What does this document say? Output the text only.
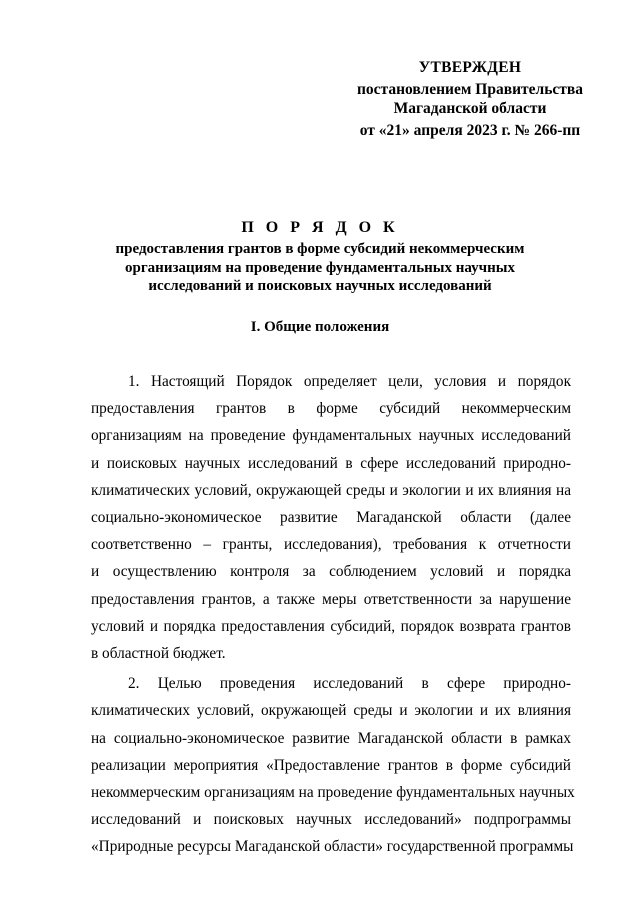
УТВЕРЖДЕН
постановлением Правительства
Магаданской области
от «21» апреля 2023 г. № 266-пп
П О Р Я Д О К
предоставления грантов в форме субсидий некоммерческим
организациям на проведение фундаментальных научных
исследований и поисковых научных исследований
I. Общие положения

1. Настоящий Порядок определяет цели, условия и порядок
предоставления грантов в форме субсидий некоммерческим
организациям на проведение фундаментальных научных исследований
и поисковых научных исследований в сфере исследований природно-
климатических условий, окружающей среды и экологии и их влияния на
социально-экономическое развитие Магаданской области (далее
соответственно – гранты, исследования), требования к отчетности
и осуществлению контроля за соблюдением условий и порядка
предоставления грантов, а также меры ответственности за нарушение
условий и порядка предоставления субсидий, порядок возврата грантов
в областной бюджет.

2. Целью проведения исследований в сфере природно-
климатических условий, окружающей среды и экологии и их влияния
на социально-экономическое развитие Магаданской области в рамках
реализации мероприятия «Предоставление грантов в форме субсидий
некоммерческим организациям на проведение фундаментальных научных
исследований и поисковых научных исследований» подпрограммы
«Природные ресурсы Магаданской области» государственной программы
